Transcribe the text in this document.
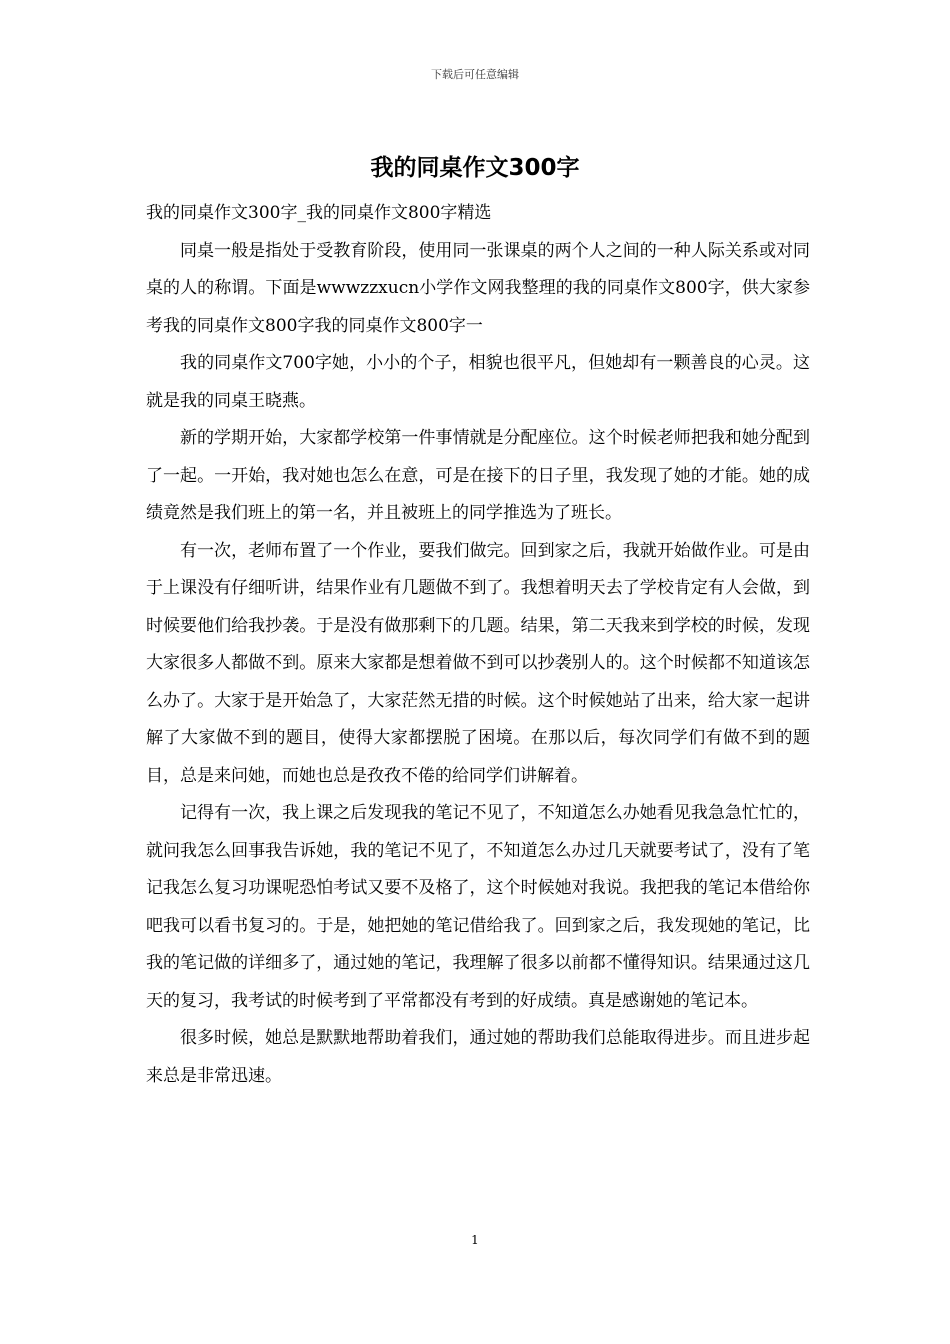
下载后可任意编辑
我的同桌作文300字

我的同桌作文300字_我的同桌作文800字精选

同桌一般是指处于受教育阶段，使用同一张课桌的两个人之间的一种人际关系或对同桌的人的称谓。下面是wwwzzxucn小学作文网我整理的我的同桌作文800字，供大家参考我的同桌作文800字我的同桌作文800字一

我的同桌作文700字她，小小的个子，相貌也很平凡，但她却有一颗善良的心灵。这就是我的同桌王晓燕。

新的学期开始，大家都学校第一件事情就是分配座位。这个时候老师把我和她分配到了一起。一开始，我对她也怎么在意，可是在接下的日子里，我发现了她的才能。她的成绩竟然是我们班上的第一名，并且被班上的同学推选为了班长。

有一次，老师布置了一个作业，要我们做完。回到家之后，我就开始做作业。可是由于上课没有仔细听讲，结果作业有几题做不到了。我想着明天去了学校肯定有人会做，到时候要他们给我抄袭。于是没有做那剩下的几题。结果，第二天我来到学校的时候，发现大家很多人都做不到。原来大家都是想着做不到可以抄袭别人的。这个时候都不知道该怎么办了。大家于是开始急了，大家茫然无措的时候。这个时候她站了出来，给大家一起讲解了大家做不到的题目，使得大家都摆脱了困境。在那以后，每次同学们有做不到的题目，总是来问她，而她也总是孜孜不倦的给同学们讲解着。

记得有一次，我上课之后发现我的笔记不见了，不知道怎么办她看见我急急忙忙的，就问我怎么回事我告诉她，我的笔记不见了，不知道怎么办过几天就要考试了，没有了笔记我怎么复习功课呢恐怕考试又要不及格了，这个时候她对我说。我把我的笔记本借给你吧我可以看书复习的。于是，她把她的笔记借给我了。回到家之后，我发现她的笔记，比我的笔记做的详细多了，通过她的笔记，我理解了很多以前都不懂得知识。结果通过这几天的复习，我考试的时候考到了平常都没有考到的好成绩。真是感谢她的笔记本。

很多时候，她总是默默地帮助着我们，通过她的帮助我们总能取得进步。而且进步起来总是非常迅速。

1
